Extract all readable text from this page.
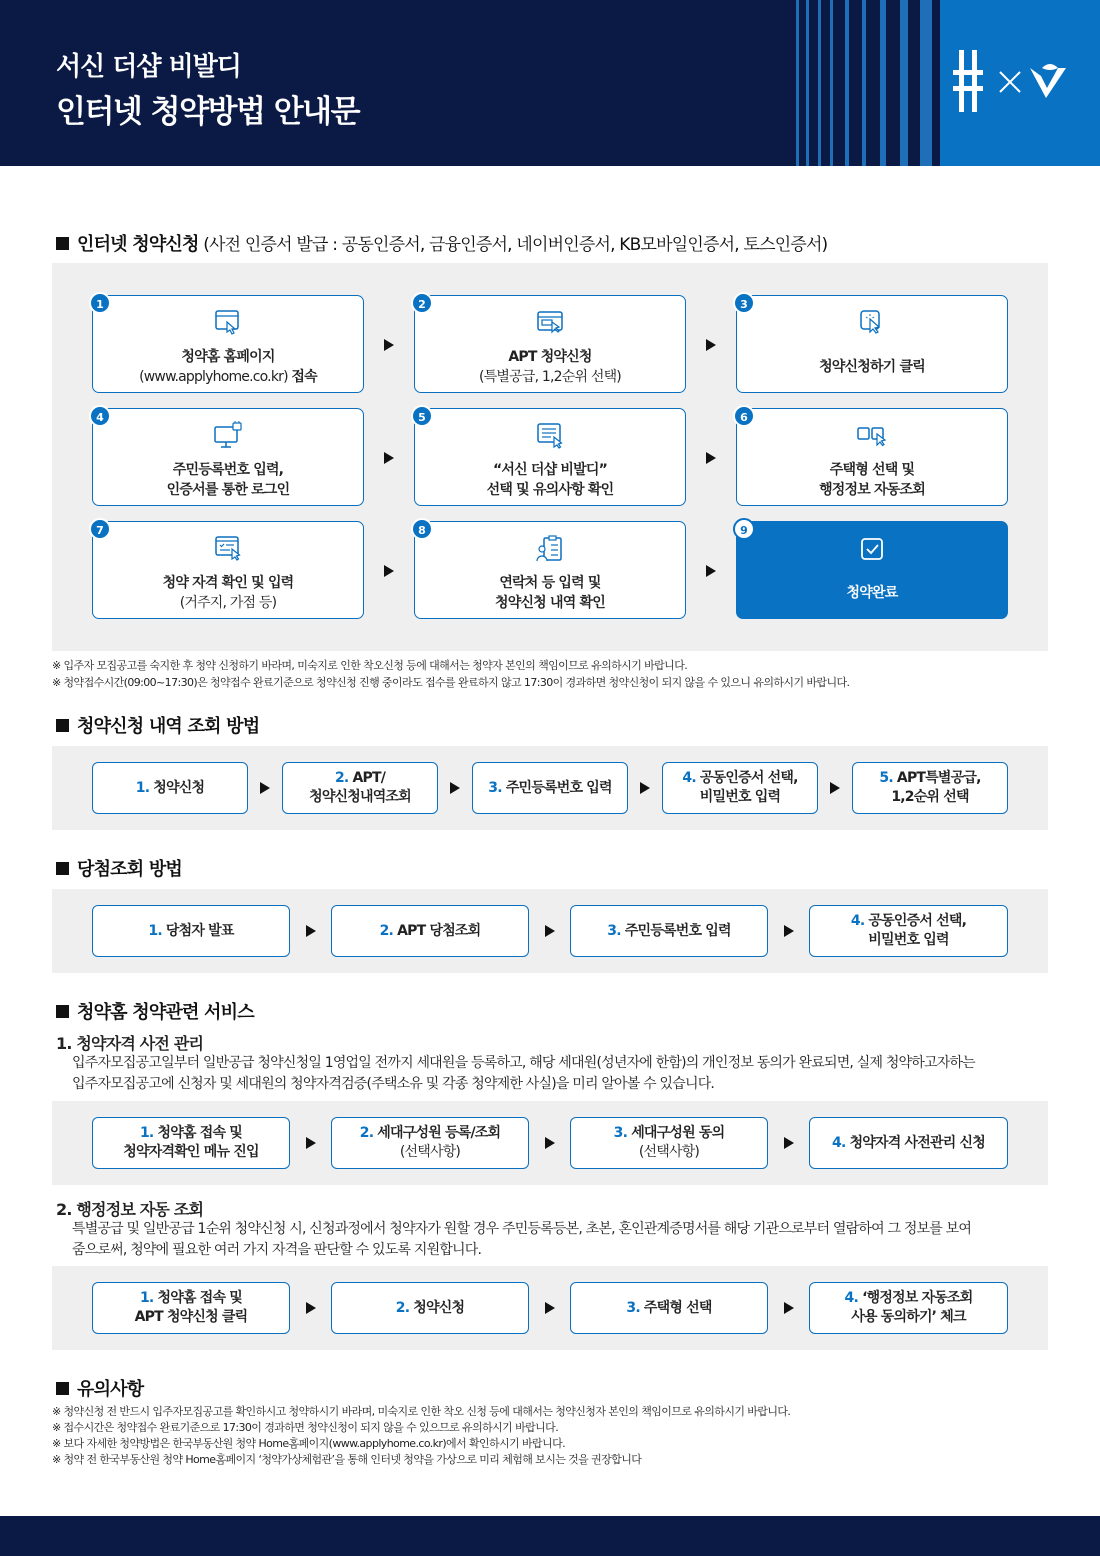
서신 더샵 비발디
인터넷 청약방법 안내문
인터넷 청약신청 (사전 인증서 발급 : 공동인증서, 금융인증서, 네이버인증서, KB모바일인증서, 토스인증서)
1
청약홈 홈페이지
(www.applyhome.co.kr) 접속
2
APT 청약신청
(특별공급, 1,2순위 선택)
3
청약신청하기 클릭
4
주민등록번호 입력,
인증서를 통한 로그인
5
“서신 더샵 비발디”
선택 및 유의사항 확인
6
주택형 선택 및
행정정보 자동조회
7
청약 자격 확인 및 입력
(거주지, 가점 등)
8
연락처 등 입력 및
청약신청 내역 확인
9
청약완료
※ 입주자 모집공고를 숙지한 후 청약 신청하기 바라며, 미숙지로 인한 착오신청 등에 대해서는 청약자 본인의 책임이므로 유의하시기 바랍니다.
※ 청약접수시간(09:00~17:30)은 청약접수 완료기준으로 청약신청 진행 중이라도 접수를 완료하지 않고 17:30이 경과하면 청약신청이 되지 않을 수 있으니 유의하시기 바랍니다.
청약신청 내역 조회 방법
1. 청약신청
2. APT/
청약신청내역조회
3. 주민등록번호 입력
4. 공동인증서 선택,
비밀번호 입력
5. APT특별공급,
1,2순위 선택
당첨조회 방법
1. 당첨자 발표	2. APT 당첨조회	3. 주민등록번호 입력
4. 공동인증서 선택,
비밀번호 입력
청약홈 청약관련 서비스
1. 청약자격 사전 관리
입주자모집공고일부터 일반공급 청약신청일 1영업일 전까지 세대원을 등록하고, 해당 세대원(성년자에 한함)의 개인정보 동의가 완료되면, 실제 청약하고자하는
입주자모집공고에 신청자 및 세대원의 청약자격검증(주택소유 및 각종 청약제한 사실)을 미리 알아볼 수 있습니다.
1. 청약홈 접속 및
청약자격확인 메뉴 진입
2. 세대구성원 등록/조회
(선택사항)
3. 세대구성원 동의
(선택사항)
4. 청약자격 사전관리 신청
2. 행정정보 자동 조회
특별공급 및 일반공급 1순위 청약신청 시, 신청과정에서 청약자가 원할 경우 주민등록등본, 초본, 혼인관계증명서를 해당 기관으로부터 열람하여 그 정보를 보여
줌으로써, 청약에 필요한 여러 가지 자격을 판단할 수 있도록 지원합니다.
1. 청약홈 접속 및
APT 청약신청 클릭
2. 청약신청	3. 주택형 선택
4. ‘행정정보 자동조회
사용 동의하기’ 체크
유의사항
※ 청약신청 전 반드시 입주자모집공고를 확인하시고 청약하시기 바라며, 미숙지로 인한 착오 신청 등에 대해서는 청약신청자 본인의 책임이므로 유의하시기 바랍니다.
※ 접수시간은 청약접수 완료기준으로 17:30이 경과하면 청약신청이 되지 않을 수 있으므로 유의하시기 바랍니다.
※ 보다 자세한 청약방법은 한국부동산원 청약 Home홈페이지(www.applyhome.co.kr)에서 확인하시기 바랍니다.
※ 청약 전 한국부동산원 청약 Home홈페이지 ‘청약가상체험관’을 통해 인터넷 청약을 가상으로 미리 체험해 보시는 것을 권장합니다
